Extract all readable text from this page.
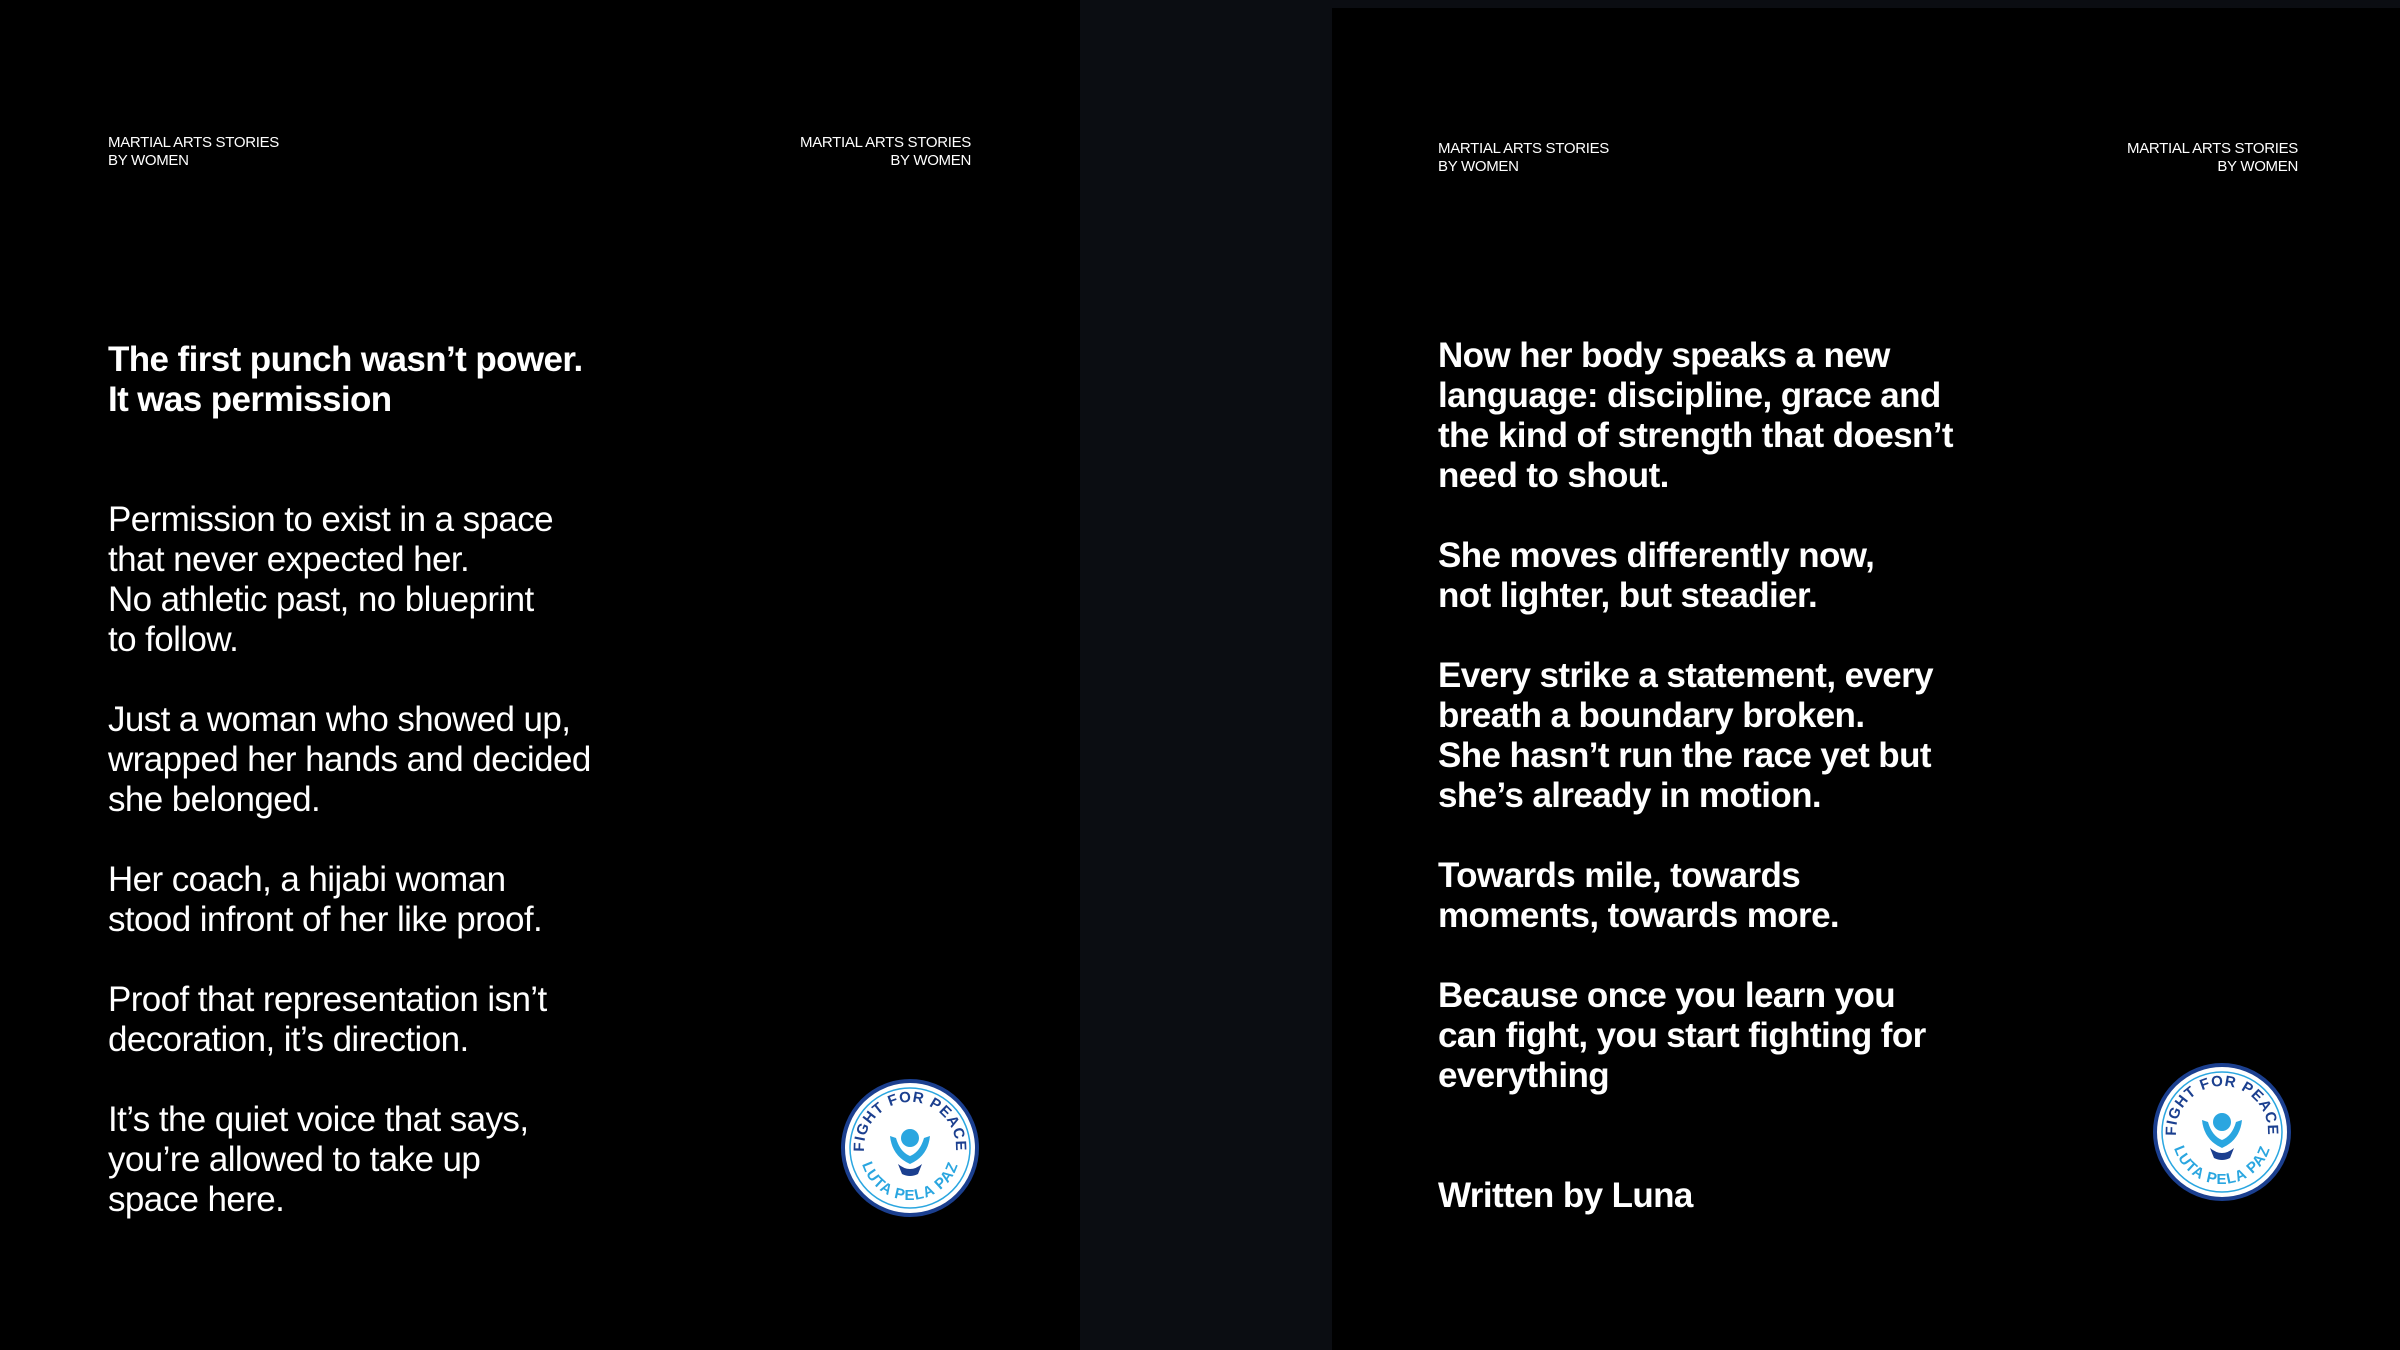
MARTIAL ARTS STORIES
BY WOMEN
MARTIAL ARTS STORIES
BY WOMEN

The first punch wasn’t power.
It was permission

Permission to exist in a space
that never expected her.
No athletic past, no blueprint
to follow.

Just a woman who showed up,
wrapped her hands and decided
she belonged.

Her coach, a hijabi woman
stood infront of her like proof.

Proof that representation isn’t
decoration, it’s direction.

It’s the quiet voice that says,
you’re allowed to take up
space here.

FIGHT FOR PEACE
LUTA PELA PAZ
MARTIAL ARTS STORIES
BY WOMEN
MARTIAL ARTS STORIES
BY WOMEN

Now her body speaks a new
language: discipline, grace and
the kind of strength that doesn’t
need to shout.

She moves differently now,
not lighter, but steadier.

Every strike a statement, every
breath a boundary broken.
She hasn’t run the race yet but
she’s already in motion.

Towards mile, towards
moments, towards more.

Because once you learn you
can fight, you start fighting for
everything

Written by Luna

FIGHT FOR PEACE
LUTA PELA PAZ
